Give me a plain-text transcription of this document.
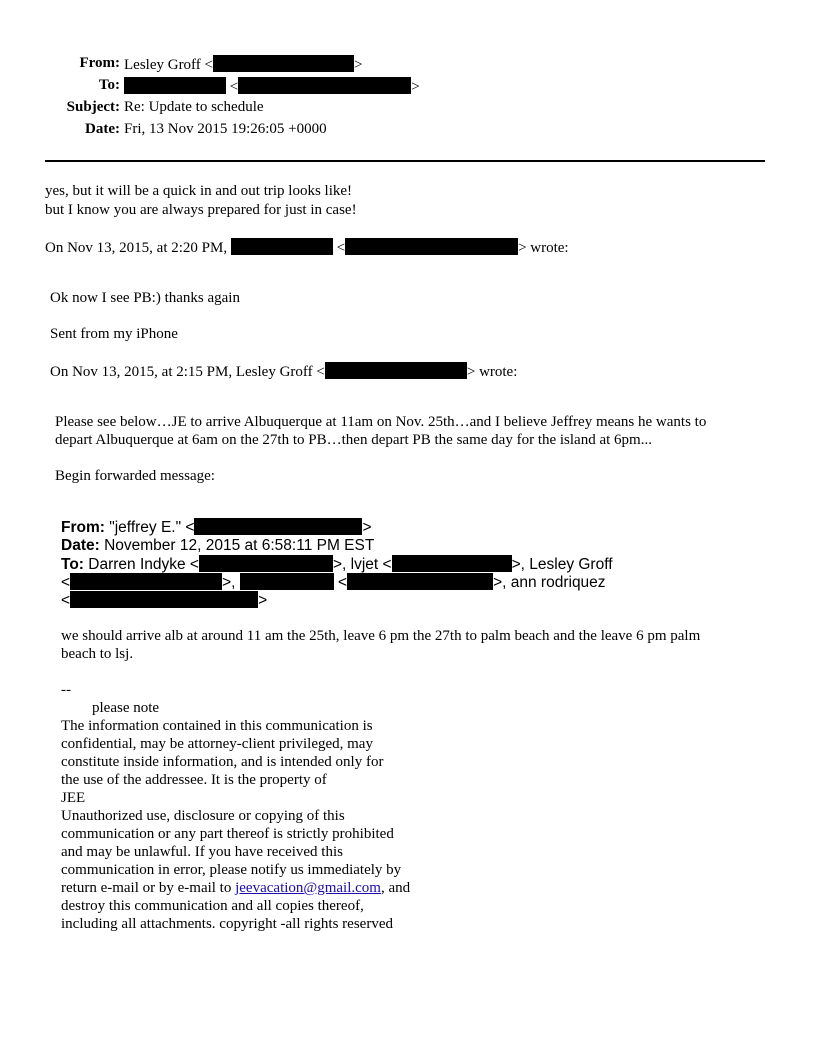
From: Lesley Groff <	>
To:	<	>
Subject: Re: Update to schedule
Date: Fri, 13 Nov 2015 19:26:05 +0000
yes, but it will be a quick in and out trip looks like!
but I know you are always prepared for just in case!
On Nov 13, 2015, at 2:20 PM,	<	> wrote:
Ok now I see PB:) thanks again
Sent from my iPhone
On Nov 13, 2015, at 2:15 PM, Lesley Groff <	> wrote:
Please see below…JE to arrive Albuquerque at 11am on Nov. 25th…and I believe Jeffrey means he wants to
depart Albuquerque at 6am on the 27th to PB…then depart PB the same day for the island at 6pm...
Begin forwarded message:
From: "jeffrey E." <	>
Date: November 12, 2015 at 6:58:11 PM EST
To: Darren Indyke <	>, lvjet <	>, Lesley Groff
<	>,	<	>, ann rodriquez
<	>
we should arrive alb at around 11 am the 25th, leave 6 pm the 27th to palm beach and the leave 6 pm palm
beach to lsj.
--
please note
The information contained in this communication is
confidential, may be attorney-client privileged, may
constitute inside information, and is intended only for
the use of the addressee. It is the property of
JEE
Unauthorized use, disclosure or copying of this
communication or any part thereof is strictly prohibited
and may be unlawful. If you have received this
communication in error, please notify us immediately by
return e-mail or by e-mail to jeevacation@gmail.com, and
destroy this communication and all copies thereof,
including all attachments. copyright -all rights reserved
